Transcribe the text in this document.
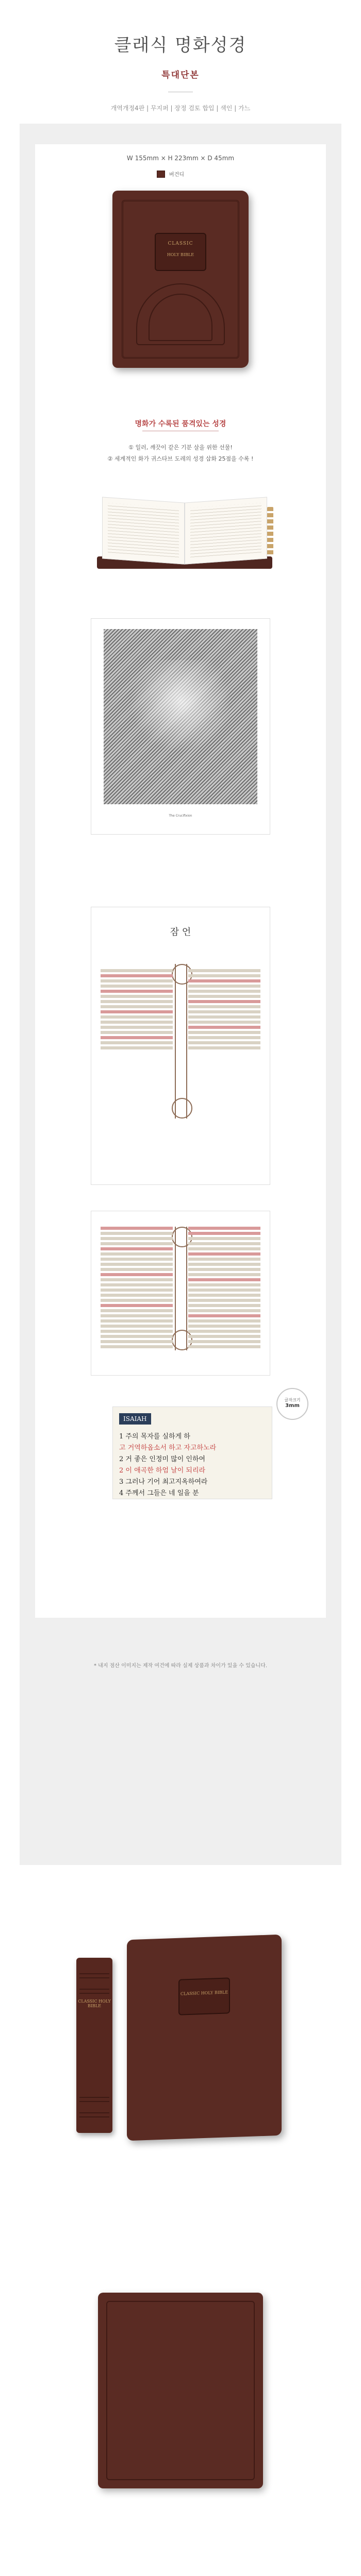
클래식 명화성경
특대단본
개역개정4판 | 무지퍼 | 장정 검토 합입 | 색인 | 가느
W 155mm × H 223mm × D 45mm
버건디
CLASSIC
HOLY BIBLE
명화가 수록된 품격있는 성경
① 일러, 깨끗이 같은 기분 살을 위한 선물!
② 세계적인 화가 귀스타브 도레의 성경 삽화 25점을 수록 !
The Crucifixion
잠 언
ISAIAH
1 주의 목자를 실하게 하
고 거역하옵소서 하고 자고하노라
2 거 좋은 인정미 많이 인하여
2 이 애곡한 하엄 날이 되리라
3 그러나 기어 최고지옥하여라
4 주께서 그들은 네 일을 분
글자크기
3mm
* 내지 점산 이미지는 제작 여건에 따라 실제 상품과 차이가 있을 수 있습니다.
CLASSIC HOLY BIBLE
CLASSIC HOLY BIBLE
